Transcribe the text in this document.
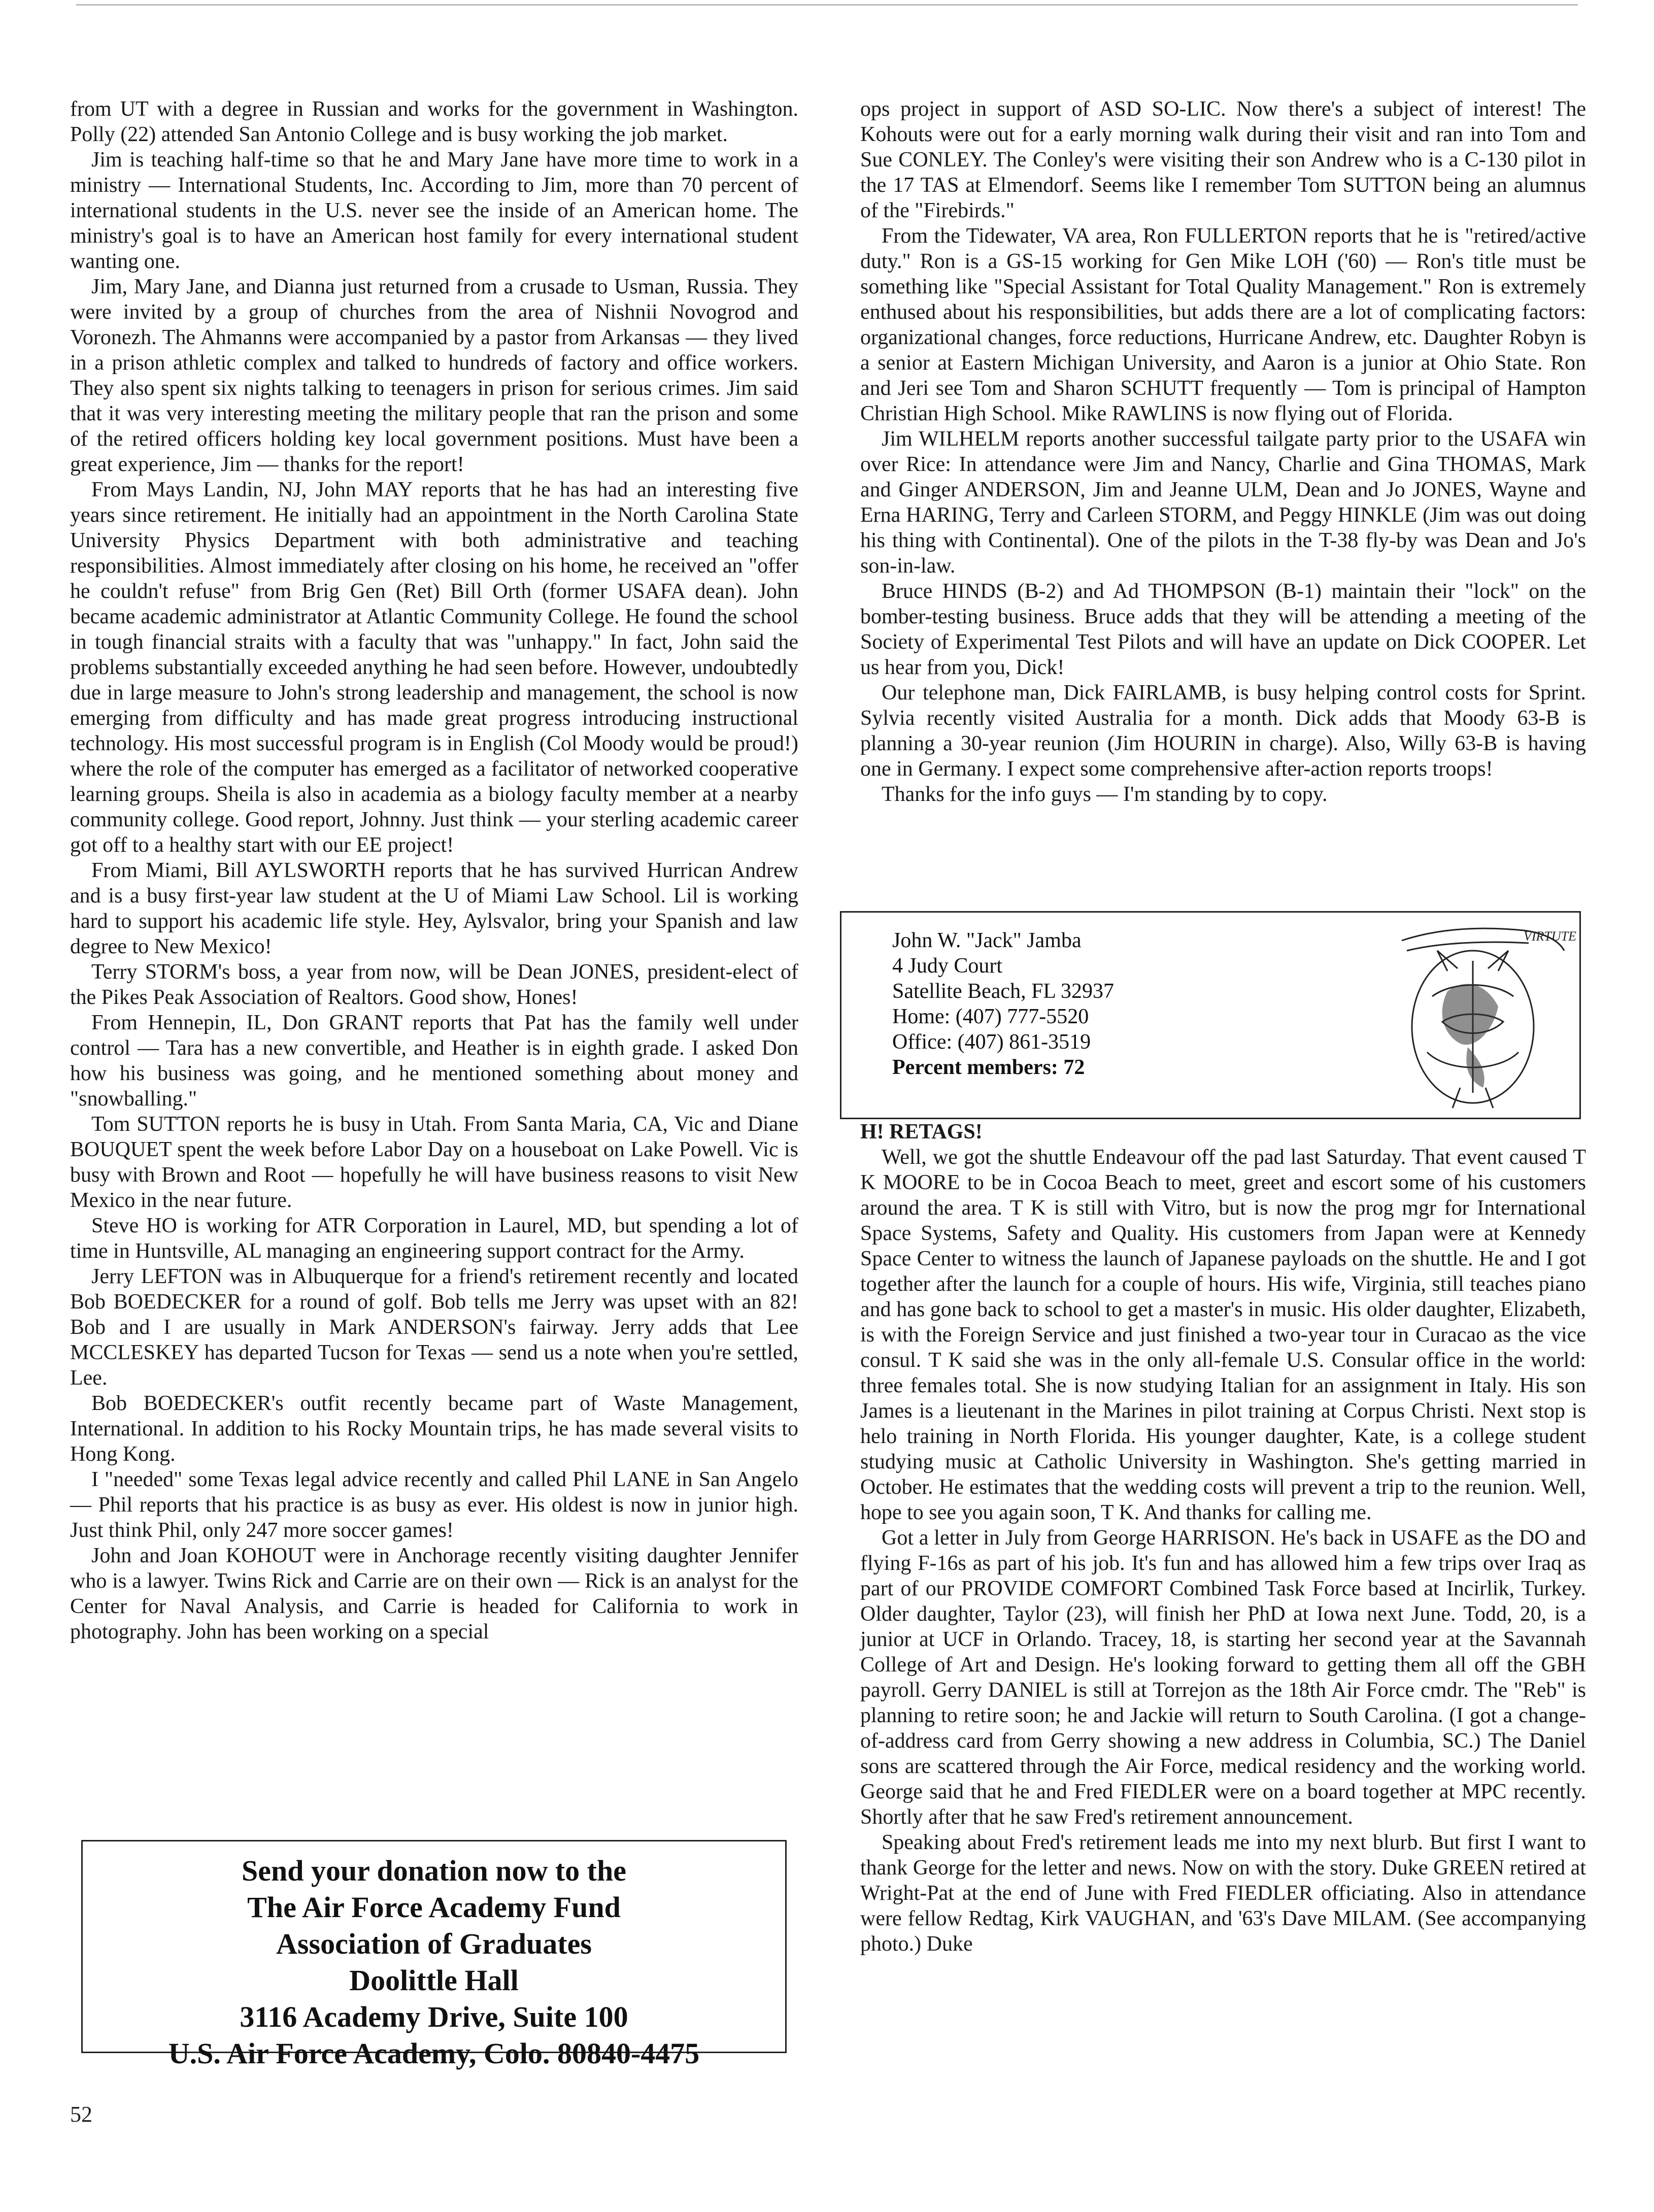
from UT with a degree in Russian and works for the government in Washington. Polly (22) attended San Antonio College and is busy working the job market.

Jim is teaching half-time so that he and Mary Jane have more time to work in a ministry — International Students, Inc. According to Jim, more than 70 percent of international students in the U.S. never see the inside of an American home. The ministry's goal is to have an American host family for every international student wanting one.

Jim, Mary Jane, and Dianna just returned from a crusade to Usman, Russia. They were invited by a group of churches from the area of Nishnii Novogrod and Voronezh. The Ahmanns were accompanied by a pastor from Arkansas — they lived in a prison athletic complex and talked to hundreds of factory and office workers. They also spent six nights talking to teenagers in prison for serious crimes. Jim said that it was very interesting meeting the military people that ran the prison and some of the retired officers holding key local government positions. Must have been a great experience, Jim — thanks for the report!

From Mays Landin, NJ, John MAY reports that he has had an interesting five years since retirement. He initially had an appointment in the North Carolina State University Physics Department with both administrative and teaching responsibilities. Almost immediately after closing on his home, he received an "offer he couldn't refuse" from Brig Gen (Ret) Bill Orth (former USAFA dean). John became academic administrator at Atlantic Community College. He found the school in tough financial straits with a faculty that was "unhappy." In fact, John said the problems substantially exceeded anything he had seen before. However, undoubtedly due in large measure to John's strong leadership and management, the school is now emerging from difficulty and has made great progress introducing instructional technology. His most successful program is in English (Col Moody would be proud!) where the role of the computer has emerged as a facilitator of networked cooperative learning groups. Sheila is also in academia as a biology faculty member at a nearby community college. Good report, Johnny. Just think — your sterling academic career got off to a healthy start with our EE project!

From Miami, Bill AYLSWORTH reports that he has survived Hurrican Andrew and is a busy first-year law student at the U of Miami Law School. Lil is working hard to support his academic life style. Hey, Aylsvalor, bring your Spanish and law degree to New Mexico!

Terry STORM's boss, a year from now, will be Dean JONES, president-elect of the Pikes Peak Association of Realtors. Good show, Hones!

From Hennepin, IL, Don GRANT reports that Pat has the family well under control — Tara has a new convertible, and Heather is in eighth grade. I asked Don how his business was going, and he mentioned something about money and "snowballing."

Tom SUTTON reports he is busy in Utah. From Santa Maria, CA, Vic and Diane BOUQUET spent the week before Labor Day on a houseboat on Lake Powell. Vic is busy with Brown and Root — hopefully he will have business reasons to visit New Mexico in the near future.

Steve HO is working for ATR Corporation in Laurel, MD, but spending a lot of time in Huntsville, AL managing an engineering support contract for the Army.

Jerry LEFTON was in Albuquerque for a friend's retirement recently and located Bob BOEDECKER for a round of golf. Bob tells me Jerry was upset with an 82! Bob and I are usually in Mark ANDERSON's fairway. Jerry adds that Lee MCCLESKEY has departed Tucson for Texas — send us a note when you're settled, Lee.

Bob BOEDECKER's outfit recently became part of Waste Management, International. In addition to his Rocky Mountain trips, he has made several visits to Hong Kong.

I "needed" some Texas legal advice recently and called Phil LANE in San Angelo — Phil reports that his practice is as busy as ever. His oldest is now in junior high. Just think Phil, only 247 more soccer games!

John and Joan KOHOUT were in Anchorage recently visiting daughter Jennifer who is a lawyer. Twins Rick and Carrie are on their own — Rick is an analyst for the Center for Naval Analysis, and Carrie is headed for California to work in photography. John has been working on a special

Send your donation now to the
The Air Force Academy Fund
Association of Graduates
Doolittle Hall
3116 Academy Drive, Suite 100
U.S. Air Force Academy, Colo. 80840-4475
52

ops project in support of ASD SO-LIC. Now there's a subject of interest! The Kohouts were out for a early morning walk during their visit and ran into Tom and Sue CONLEY. The Conley's were visiting their son Andrew who is a C-130 pilot in the 17 TAS at Elmendorf. Seems like I remember Tom SUTTON being an alumnus of the "Firebirds."

From the Tidewater, VA area, Ron FULLERTON reports that he is "retired/active duty." Ron is a GS-15 working for Gen Mike LOH ('60) — Ron's title must be something like "Special Assistant for Total Quality Management." Ron is extremely enthused about his responsibilities, but adds there are a lot of complicating factors: organizational changes, force reductions, Hurricane Andrew, etc. Daughter Robyn is a senior at Eastern Michigan University, and Aaron is a junior at Ohio State. Ron and Jeri see Tom and Sharon SCHUTT frequently — Tom is principal of Hampton Christian High School. Mike RAWLINS is now flying out of Florida.

Jim WILHELM reports another successful tailgate party prior to the USAFA win over Rice: In attendance were Jim and Nancy, Charlie and Gina THOMAS, Mark and Ginger ANDERSON, Jim and Jeanne ULM, Dean and Jo JONES, Wayne and Erna HARING, Terry and Carleen STORM, and Peggy HINKLE (Jim was out doing his thing with Continental). One of the pilots in the T-38 fly-by was Dean and Jo's son-in-law.

Bruce HINDS (B-2) and Ad THOMPSON (B-1) maintain their "lock" on the bomber-testing business. Bruce adds that they will be attending a meeting of the Society of Experimental Test Pilots and will have an update on Dick COOPER. Let us hear from you, Dick!

Our telephone man, Dick FAIRLAMB, is busy helping control costs for Sprint. Sylvia recently visited Australia for a month. Dick adds that Moody 63-B is planning a 30-year reunion (Jim HOURIN in charge). Also, Willy 63-B is having one in Germany. I expect some comprehensive after-action reports troops!

Thanks for the info guys — I'm standing by to copy.

John W. "Jack" Jamba
4 Judy Court
Satellite Beach, FL 32937
Home: (407) 777-5520
Office: (407) 861-3519
Percent members: 72
VIRTUTE

H! RETAGS!

Well, we got the shuttle Endeavour off the pad last Saturday. That event caused T K MOORE to be in Cocoa Beach to meet, greet and escort some of his customers around the area. T K is still with Vitro, but is now the prog mgr for International Space Systems, Safety and Quality. His customers from Japan were at Kennedy Space Center to witness the launch of Japanese payloads on the shuttle. He and I got together after the launch for a couple of hours. His wife, Virginia, still teaches piano and has gone back to school to get a master's in music. His older daughter, Elizabeth, is with the Foreign Service and just finished a two-year tour in Curacao as the vice consul. T K said she was in the only all-female U.S. Consular office in the world: three females total. She is now studying Italian for an assignment in Italy. His son James is a lieutenant in the Marines in pilot training at Corpus Christi. Next stop is helo training in North Florida. His younger daughter, Kate, is a college student studying music at Catholic University in Washington. She's getting married in October. He estimates that the wedding costs will prevent a trip to the reunion. Well, hope to see you again soon, T K. And thanks for calling me.

Got a letter in July from George HARRISON. He's back in USAFE as the DO and flying F-16s as part of his job. It's fun and has allowed him a few trips over Iraq as part of our PROVIDE COMFORT Combined Task Force based at Incirlik, Turkey. Older daughter, Taylor (23), will finish her PhD at Iowa next June. Todd, 20, is a junior at UCF in Orlando. Tracey, 18, is starting her second year at the Savannah College of Art and Design. He's looking forward to getting them all off the GBH payroll. Gerry DANIEL is still at Torrejon as the 18th Air Force cmdr. The "Reb" is planning to retire soon; he and Jackie will return to South Carolina. (I got a change-of-address card from Gerry showing a new address in Columbia, SC.) The Daniel sons are scattered through the Air Force, medical residency and the working world. George said that he and Fred FIEDLER were on a board together at MPC recently. Shortly after that he saw Fred's retirement announcement.

Speaking about Fred's retirement leads me into my next blurb. But first I want to thank George for the letter and news. Now on with the story. Duke GREEN retired at Wright-Pat at the end of June with Fred FIEDLER officiating. Also in attendance were fellow Redtag, Kirk VAUGHAN, and '63's Dave MILAM. (See accompanying photo.) Duke
